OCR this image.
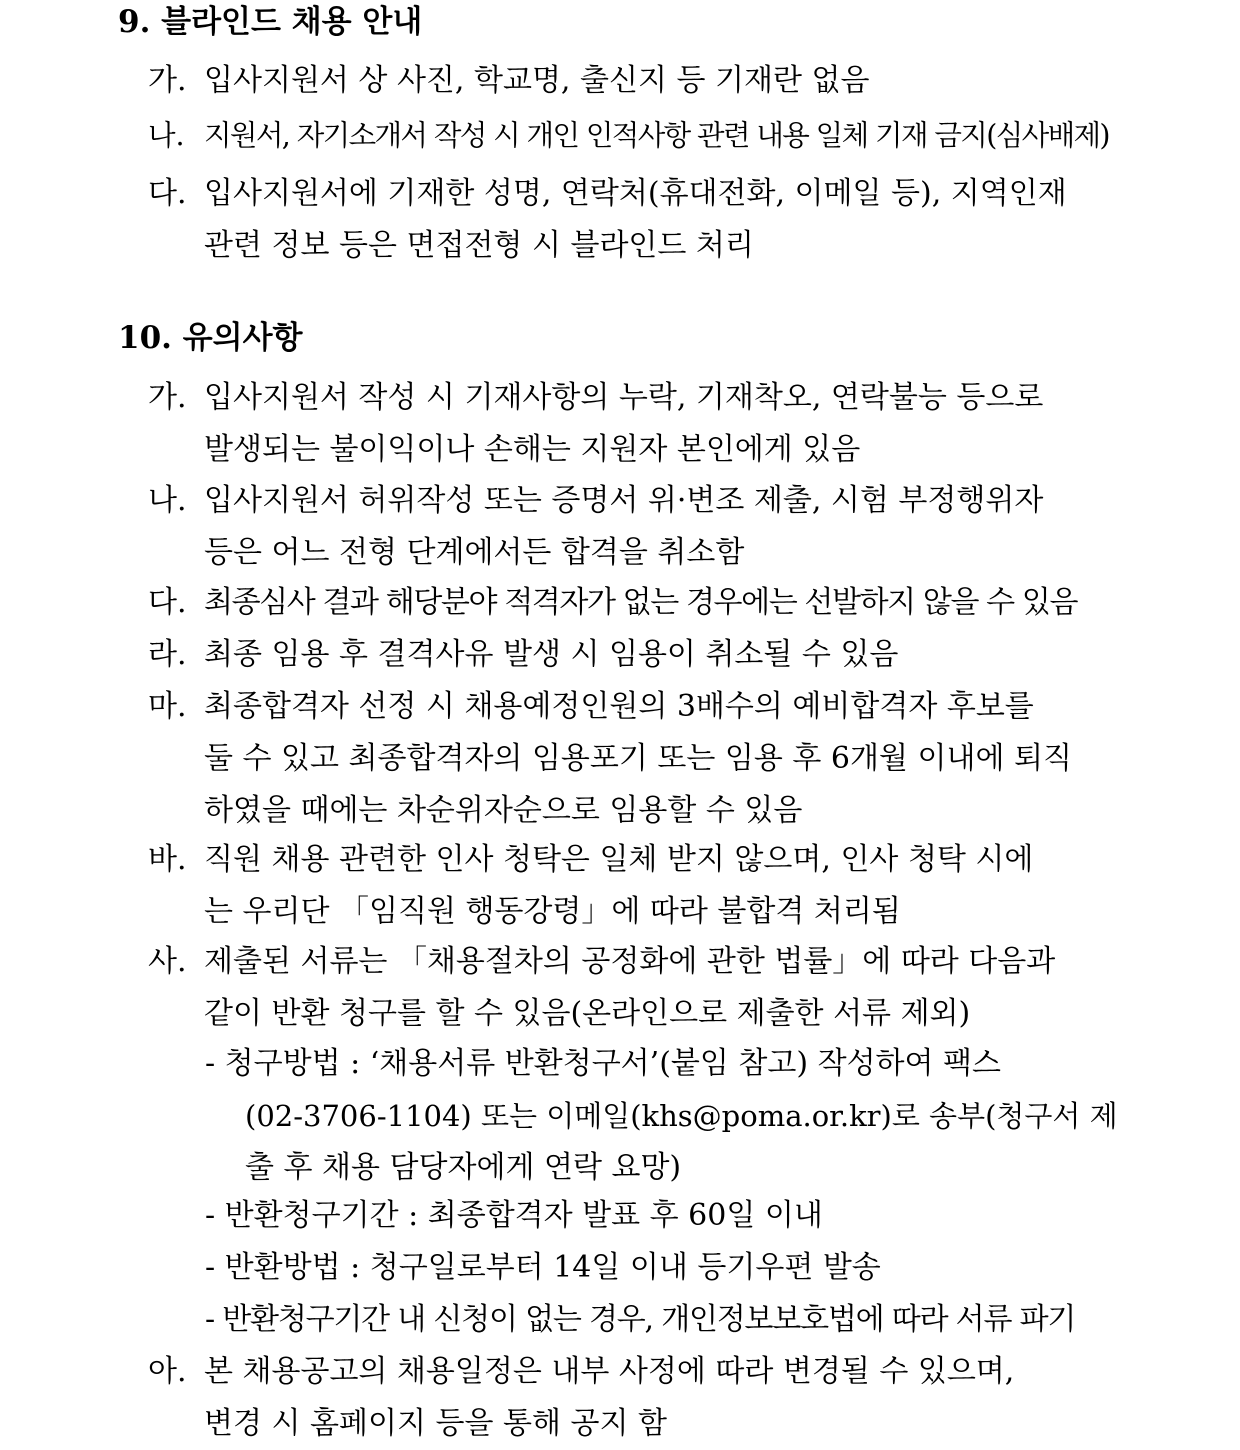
9. 블라인드 채용 안내
가. 입사지원서 상 사진, 학교명, 출신지 등 기재란 없음
나. 지원서, 자기소개서 작성 시 개인 인적사항 관련 내용 일체 기재 금지(심사배제)
다. 입사지원서에 기재한 성명, 연락처(휴대전화, 이메일 등), 지역인재
관련 정보 등은 면접전형 시 블라인드 처리
10. 유의사항
가. 입사지원서 작성 시 기재사항의 누락, 기재착오, 연락불능 등으로
발생되는 불이익이나 손해는 지원자 본인에게 있음
나. 입사지원서 허위작성 또는 증명서 위·변조 제출, 시험 부정행위자
등은 어느 전형 단계에서든 합격을 취소함
다. 최종심사 결과 해당분야 적격자가 없는 경우에는 선발하지 않을 수 있음
라. 최종 임용 후 결격사유 발생 시 임용이 취소될 수 있음
마. 최종합격자 선정 시 채용예정인원의 3배수의 예비합격자 후보를
둘 수 있고 최종합격자의 임용포기 또는 임용 후 6개월 이내에 퇴직
하였을 때에는 차순위자순으로 임용할 수 있음
바. 직원 채용 관련한 인사 청탁은 일체 받지 않으며, 인사 청탁 시에
는 우리단 「임직원 행동강령」에 따라 불합격 처리됨
사. 제출된 서류는 「채용절차의 공정화에 관한 법률」에 따라 다음과
같이 반환 청구를 할 수 있음(온라인으로 제출한 서류 제외)
- 청구방법 : ‘채용서류 반환청구서’(붙임 참고) 작성하여 팩스
(02-3706-1104) 또는 이메일(khs@poma.or.kr)로 송부(청구서 제
출 후 채용 담당자에게 연락 요망)
- 반환청구기간 : 최종합격자 발표 후 60일 이내
- 반환방법 : 청구일로부터 14일 이내 등기우편 발송
- 반환청구기간 내 신청이 없는 경우, 개인정보보호법에 따라 서류 파기
아. 본 채용공고의 채용일정은 내부 사정에 따라 변경될 수 있으며,
변경 시 홈페이지 등을 통해 공지 함
